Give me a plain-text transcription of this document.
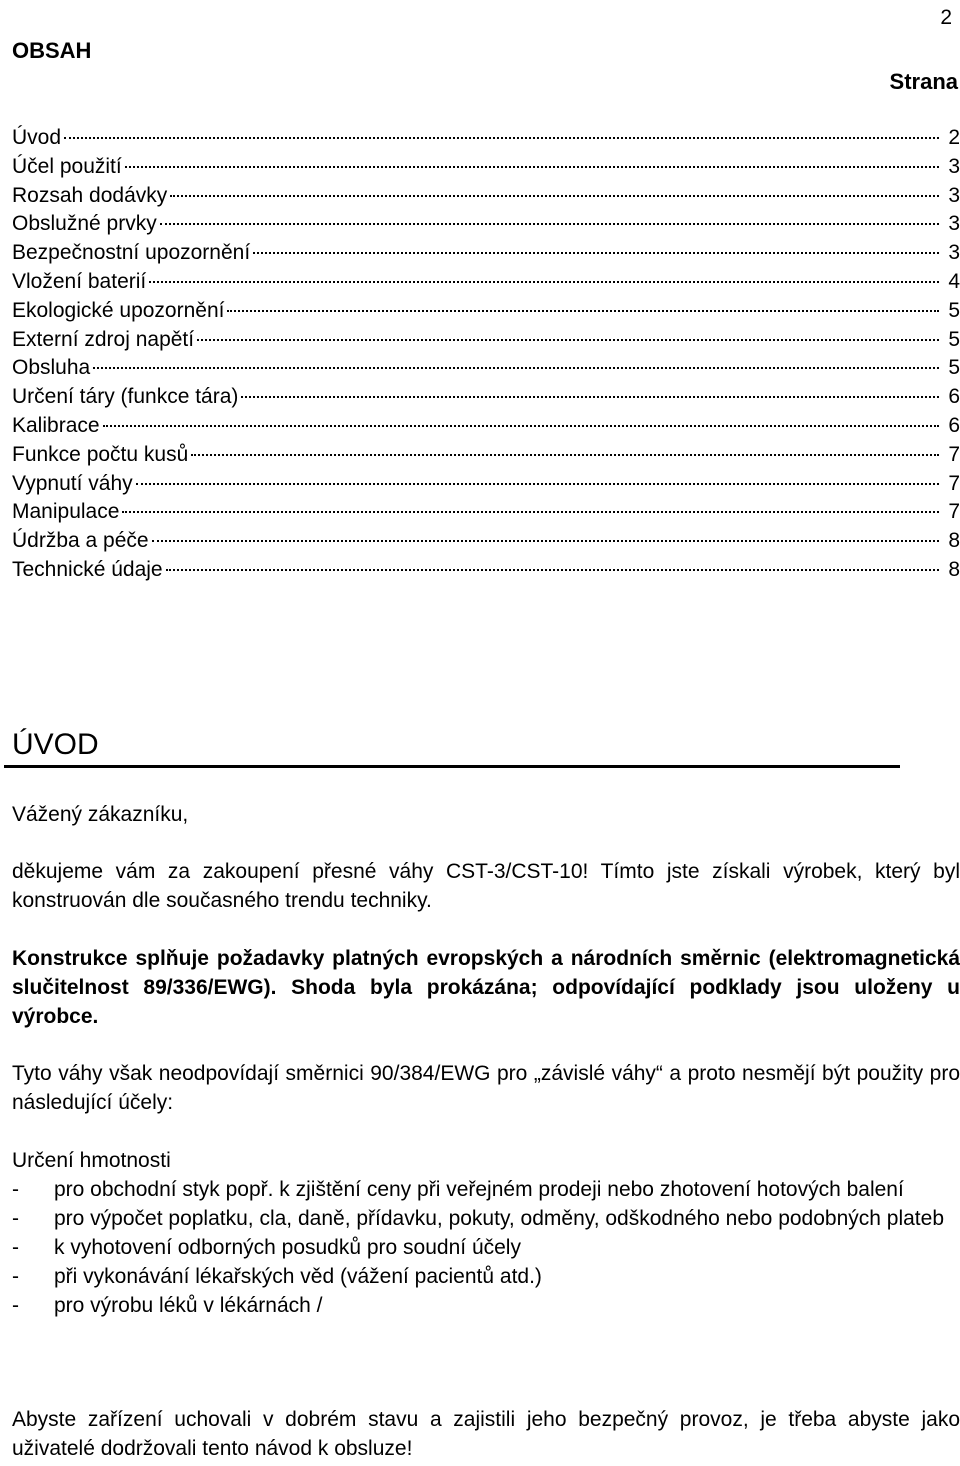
2
OBSAH
Strana
Úvod	2
Účel použití	3
Rozsah dodávky	3
Obslužné prvky	3
Bezpečnostní upozornění	3
Vložení baterií	4
Ekologické upozornění	5
Externí zdroj napětí	5
Obsluha	5
Určení táry (funkce tára)	6
Kalibrace	6
Funkce počtu kusů	7
Vypnutí váhy	7
Manipulace	7
Údržba a péče	8
Technické údaje	8
ÚVOD

Vážený zákazníku,

děkujeme vám za zakoupení přesné váhy CST-3/CST-10! Tímto jste získali výrobek, který byl konstruován dle současného trendu techniky.

Konstrukce splňuje požadavky platných evropských a národních směrnic (elektromagnetická slučitelnost 89/336/EWG). Shoda byla prokázána; odpovídající podklady jsou uloženy u výrobce.

Tyto váhy však neodpovídají směrnici 90/384/EWG pro „závislé váhy“ a proto nesmějí být použity pro následující účely:

Určení hmotnosti

- pro obchodní styk popř. k zjištění ceny při veřejném prodeji nebo zhotovení hotových balení
- pro výpočet poplatku, cla, daně, přídavku, pokuty, odměny, odškodného nebo podobných plateb
- k vyhotovení odborných posudků pro soudní účely
- při vykonávání lékařských věd (vážení pacientů atd.)
- pro výrobu léků v lékárnách /

Abyste zařízení uchovali v dobrém stavu a zajistili jeho bezpečný provoz, je třeba abyste jako uživatelé dodržovali tento návod k obsluze!
